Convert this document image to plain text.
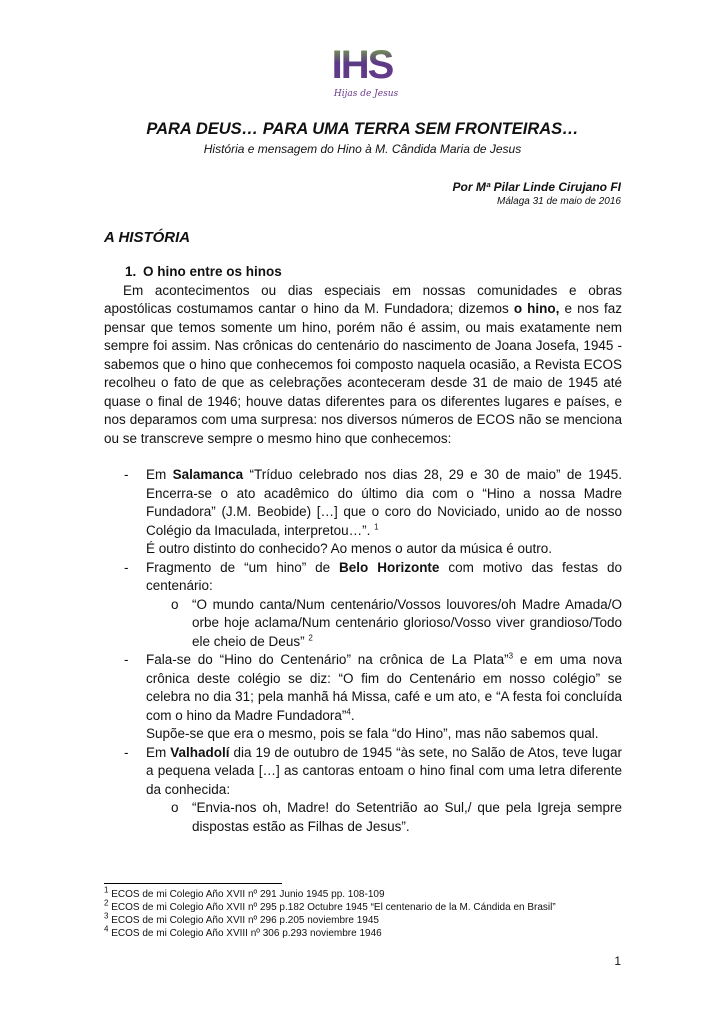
IHS
Hijas de Jesus
PARA DEUS… PARA UMA TERRA SEM FRONTEIRAS…
História e mensagem do Hino à M. Cândida Maria de Jesus
Por Mª Pilar Linde Cirujano FI
Málaga 31 de maio de 2016
A HISTÓRIA
1. O hino entre os hinos

Em acontecimentos ou dias especiais em nossas comunidades e obras apostólicas costumamos cantar o hino da M. Fundadora; dizemos o hino, e nos faz pensar que temos somente um hino, porém não é assim, ou mais exatamente nem sempre foi assim. Nas crônicas do centenário do nascimento de Joana Josefa, 1945 - sabemos que o hino que conhecemos foi composto naquela ocasião, a Revista ECOS recolheu o fato de que as celebrações aconteceram desde 31 de maio de 1945 até quase o final de 1946; houve datas diferentes para os diferentes lugares e países, e nos deparamos com uma surpresa: nos diversos números de ECOS não se menciona ou se transcreve sempre o mesmo hino que conhecemos:

- Em Salamanca “Tríduo celebrado nos dias 28, 29 e 30 de maio” de 1945. Encerra-se o ato acadêmico do último dia com o “Hino a nossa Madre Fundadora” (J.M. Beobide) […] que o coro do Noviciado, unido ao de nosso Colégio da Imaculada, interpretou…”. $^1$

É outro distinto do conhecido? Ao menos o autor da música é outro.

- Fragmento de “um hino” de Belo Horizonte com motivo das festas do centenário:

o “O mundo canta/Num centenário/Vossos louvores/oh Madre Amada/O orbe hoje aclama/Num centenário glorioso/Vosso viver grandioso/Todo ele cheio de Deus” $^2$

- Fala-se do “Hino do Centenário” na crônica de La Plata”$^3$ e em uma nova crônica deste colégio se diz: “O fim do Centenário em nosso colégio” se celebra no dia 31; pela manhã há Missa, café e um ato, e “A festa foi concluída com o hino da Madre Fundadora”$^4$.

Supõe-se que era o mesmo, pois se fala “do Hino”, mas não sabemos qual.

- Em Valhadolí dia 19 de outubro de 1945 “às sete, no Salão de Atos, teve lugar a pequena velada […] as cantoras entoam o hino final com uma letra diferente da conhecida:

o “Envia-nos oh, Madre! do Setentrião ao Sul,/ que pela Igreja sempre dispostas estão as Filhas de Jesus”.

$^1$ ECOS de mi Colegio Año XVII nº 291 Junio 1945 pp. 108-109
$^2$ ECOS de mi Colegio Año XVII nº 295 p.182 Octubre 1945 “El centenario de la M. Cándida en Brasil”
$^3$ ECOS de mi Colegio Año XVII nº 296 p.205 noviembre 1945
$^4$ ECOS de mi Colegio Año XVIII nº 306 p.293 noviembre 1946
1
